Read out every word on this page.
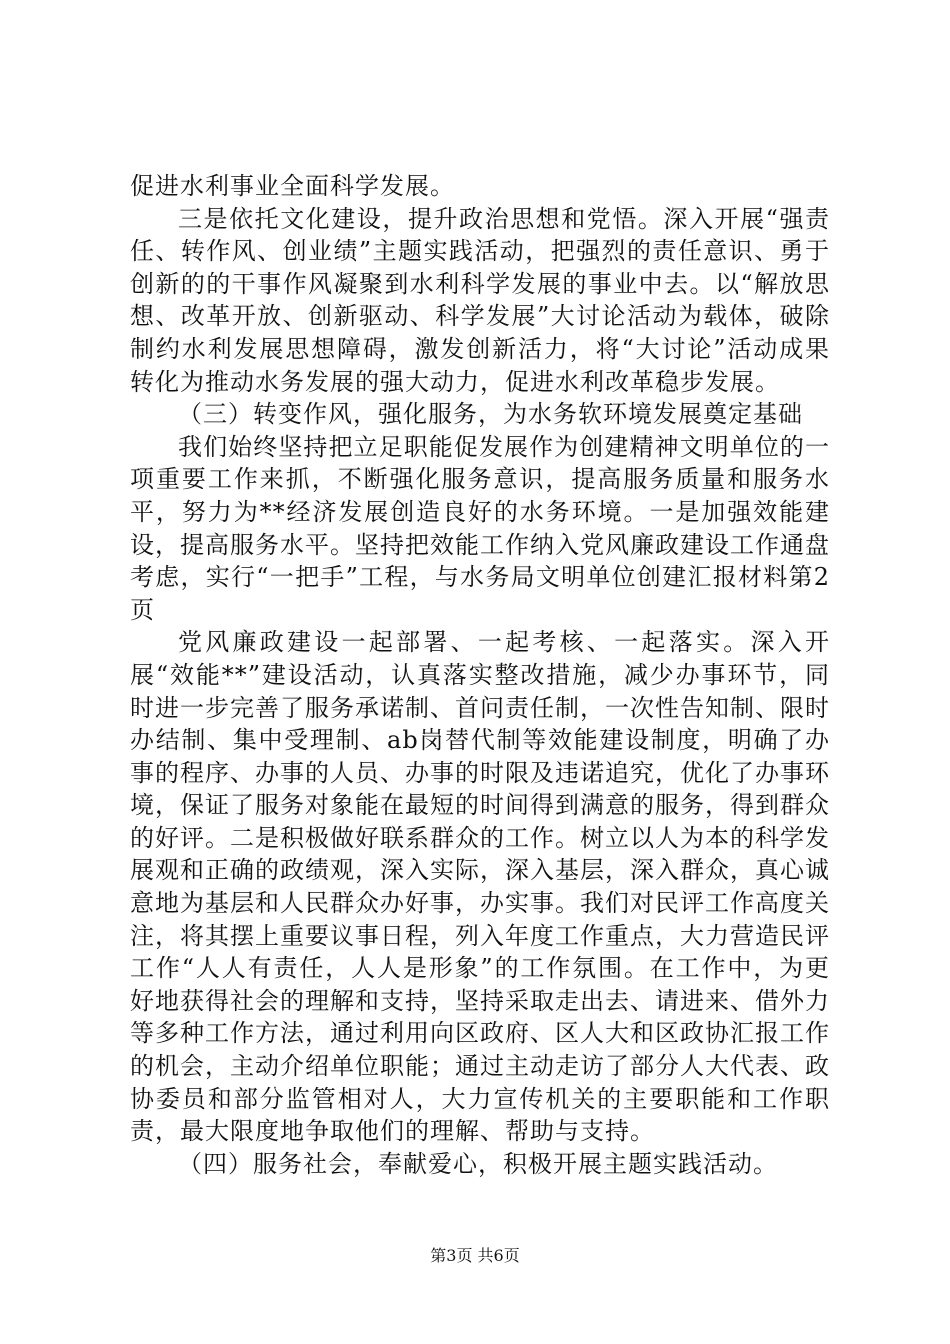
促进水利事业全面科学发展。

三是依托文化建设，提升政治思想和党悟。深入开展“强责任、转作风、创业绩”主题实践活动，把强烈的责任意识、勇于创新的的干事作风凝聚到水利科学发展的事业中去。以“解放思想、改革开放、创新驱动、科学发展”大讨论活动为载体，破除制约水利发展思想障碍，激发创新活力，将“大讨论”活动成果转化为推动水务发展的强大动力，促进水利改革稳步发展。

（三）转变作风，强化服务，为水务软环境发展奠定基础

我们始终坚持把立足职能促发展作为创建精神文明单位的一项重要工作来抓，不断强化服务意识，提高服务质量和服务水平，努力为**经济发展创造良好的水务环境。一是加强效能建设，提高服务水平。坚持把效能工作纳入党风廉政建设工作通盘考虑，实行“一把手”工程，与水务局文明单位创建汇报材料第2页

党风廉政建设一起部署、一起考核、一起落实。深入开展“效能**”建设活动，认真落实整改措施，减少办事环节，同时进一步完善了服务承诺制、首问责任制，一次性告知制、限时办结制、集中受理制、ab岗替代制等效能建设制度，明确了办事的程序、办事的人员、办事的时限及违诺追究，优化了办事环境，保证了服务对象能在最短的时间得到满意的服务，得到群众的好评。二是积极做好联系群众的工作。树立以人为本的科学发展观和正确的政绩观，深入实际，深入基层，深入群众，真心诚意地为基层和人民群众办好事，办实事。我们对民评工作高度关注，将其摆上重要议事日程，列入年度工作重点，大力营造民评工作“人人有责任，人人是形象”的工作氛围。在工作中，为更好地获得社会的理解和支持，坚持采取走出去、请进来、借外力等多种工作方法，通过利用向区政府、区人大和区政协汇报工作的机会，主动介绍单位职能；通过主动走访了部分人大代表、政协委员和部分监管相对人，大力宣传机关的主要职能和工作职责，最大限度地争取他们的理解、帮助与支持。

（四）服务社会，奉献爱心，积极开展主题实践活动。

第3页 共6页
